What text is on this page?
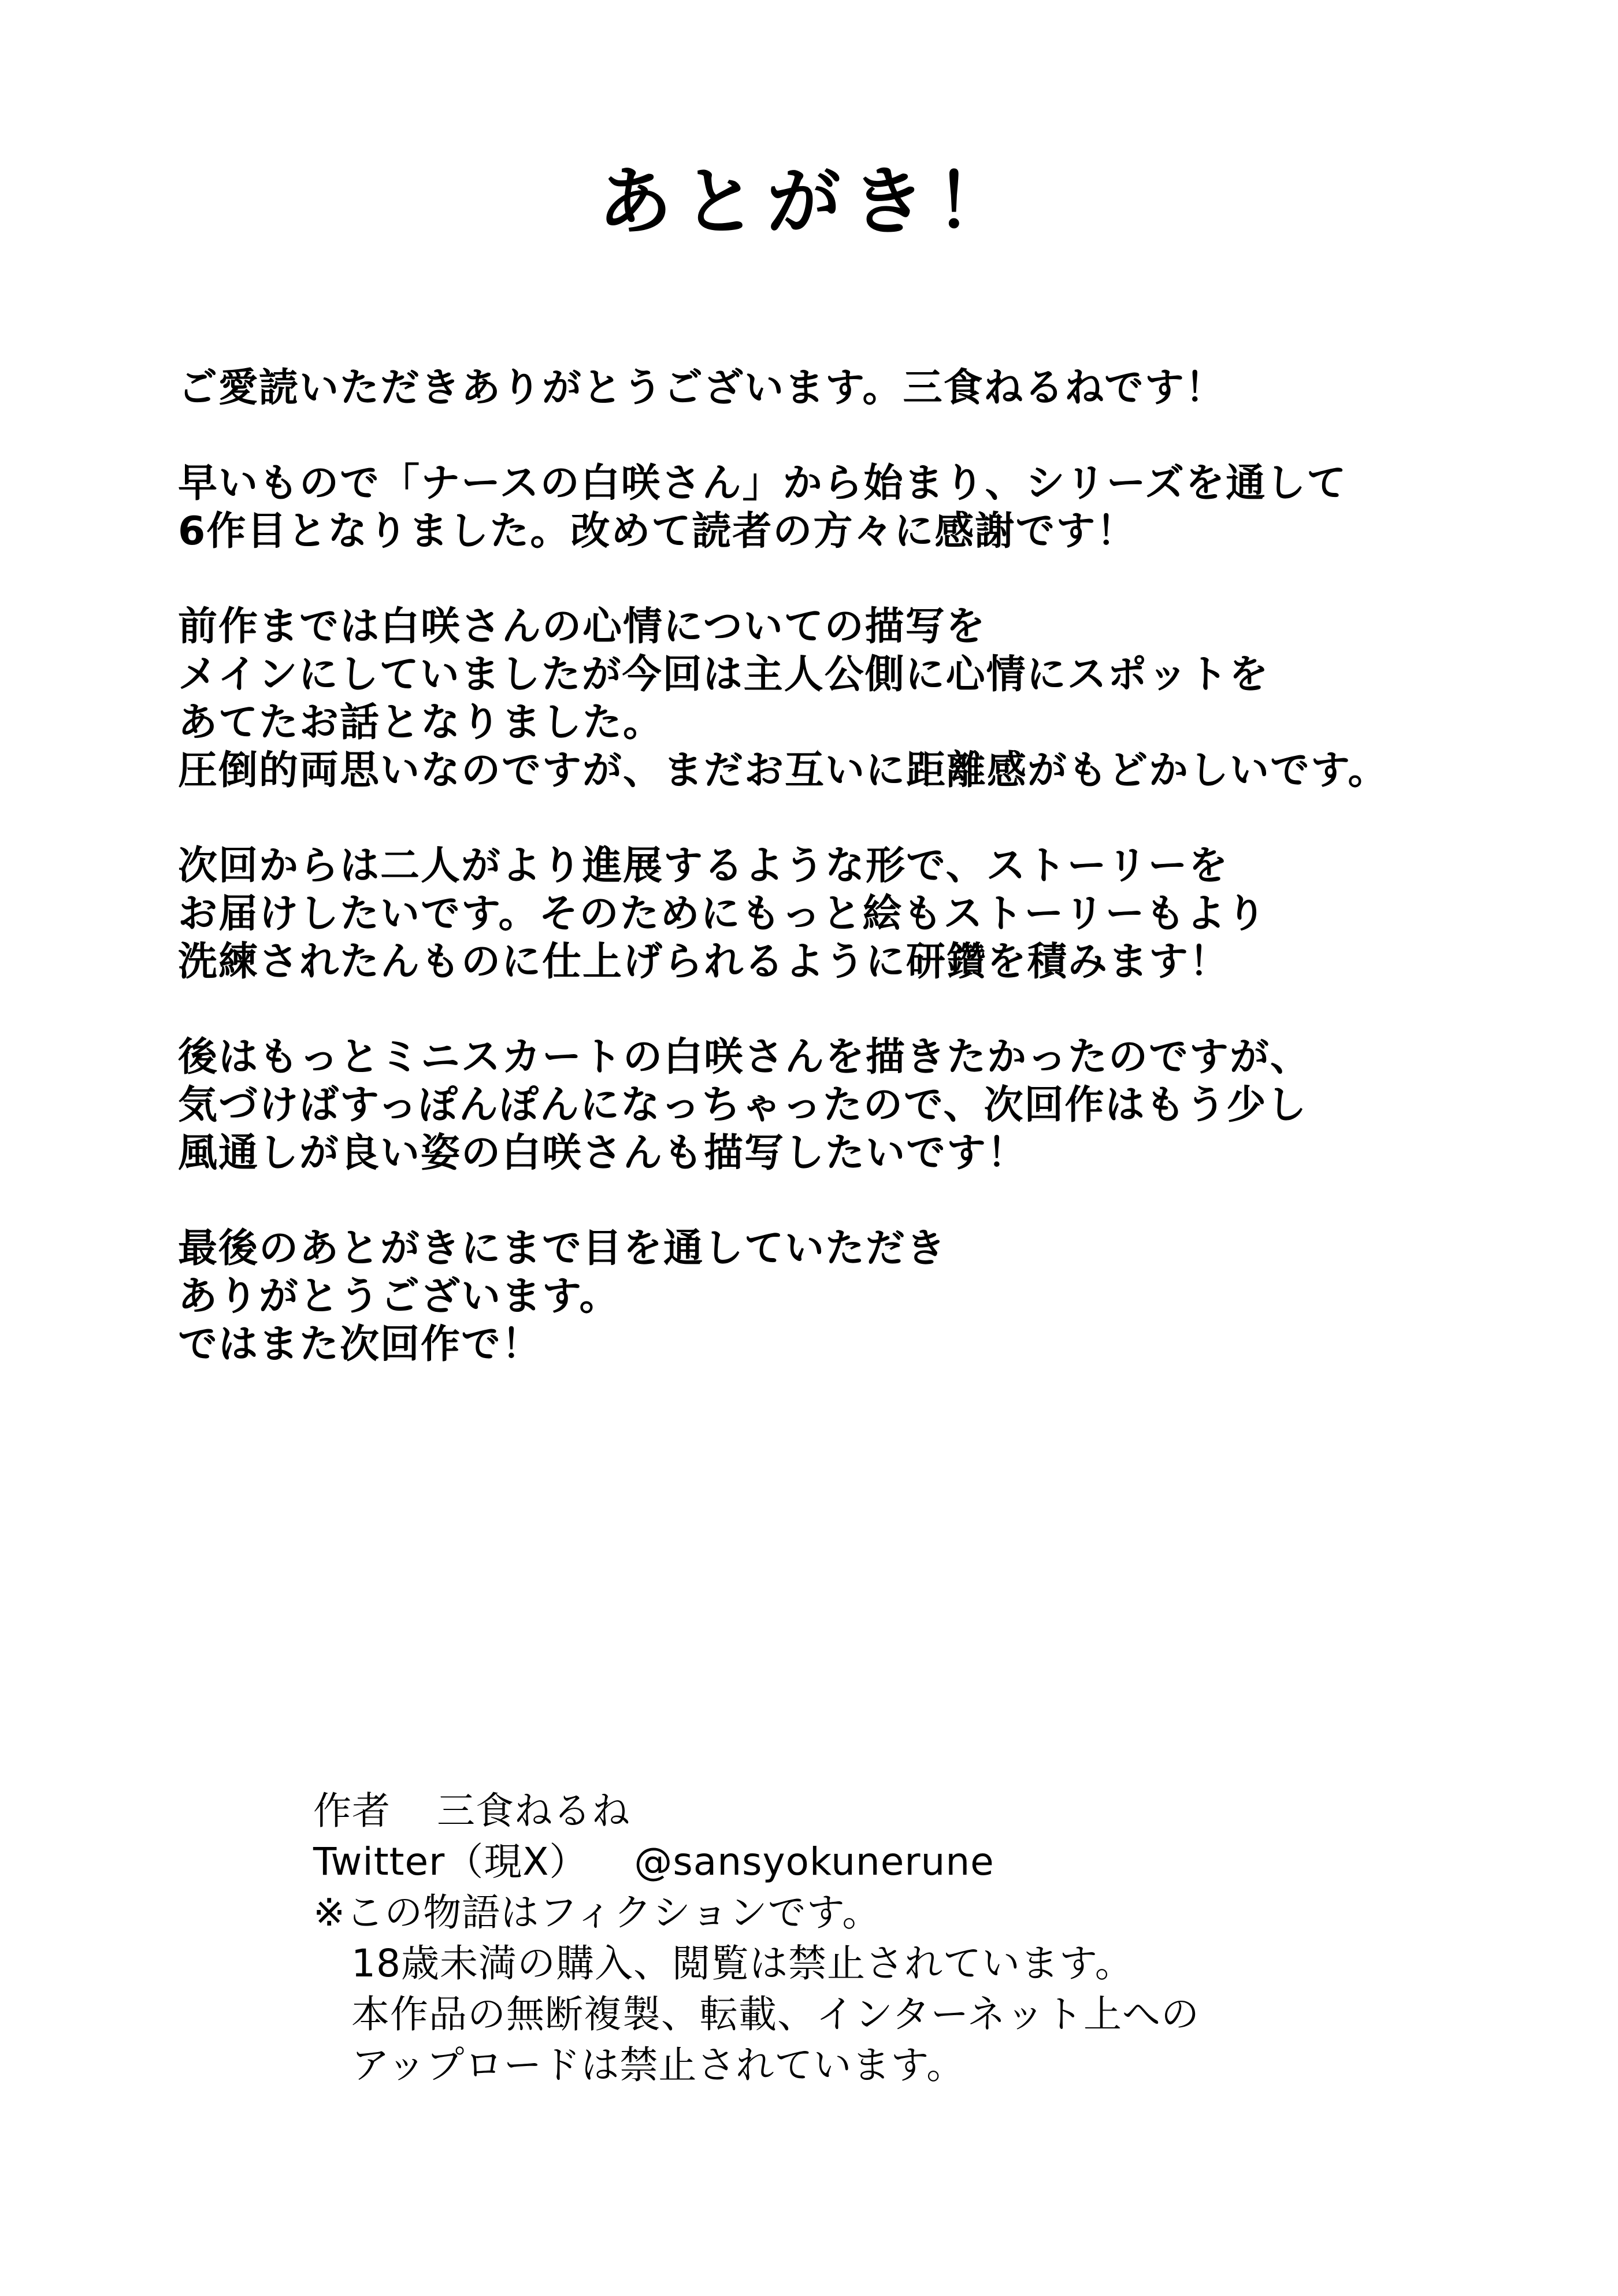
あとがき！
ご愛読いただきありがとうございます。三食ねるねです！
早いもので「ナースの白咲さん」から始まり、シリーズを通して
6作目となりました。改めて読者の方々に感謝です！
前作までは白咲さんの心情についての描写を
メインにしていましたが今回は主人公側に心情にスポットを
あてたお話となりました。
圧倒的両思いなのですが、まだお互いに距離感がもどかしいです。
次回からは二人がより進展するような形で、ストーリーを
お届けしたいです。そのためにもっと絵もストーリーもより
洗練されたんものに仕上げられるように研鑽を積みます！
後はもっとミニスカートの白咲さんを描きたかったのですが、
気づけばすっぽんぽんになっちゃったので、次回作はもう少し
風通しが良い姿の白咲さんも描写したいです！
最後のあとがきにまで目を通していただき
ありがとうございます。
ではまた次回作で！
作者 三食ねるね
Twitter（現X） @sansyokunerune
※この物語はフィクションです。
18歳未満の購入、閲覧は禁止されています。
本作品の無断複製、転載、インターネット上への
アップロードは禁止されています。
